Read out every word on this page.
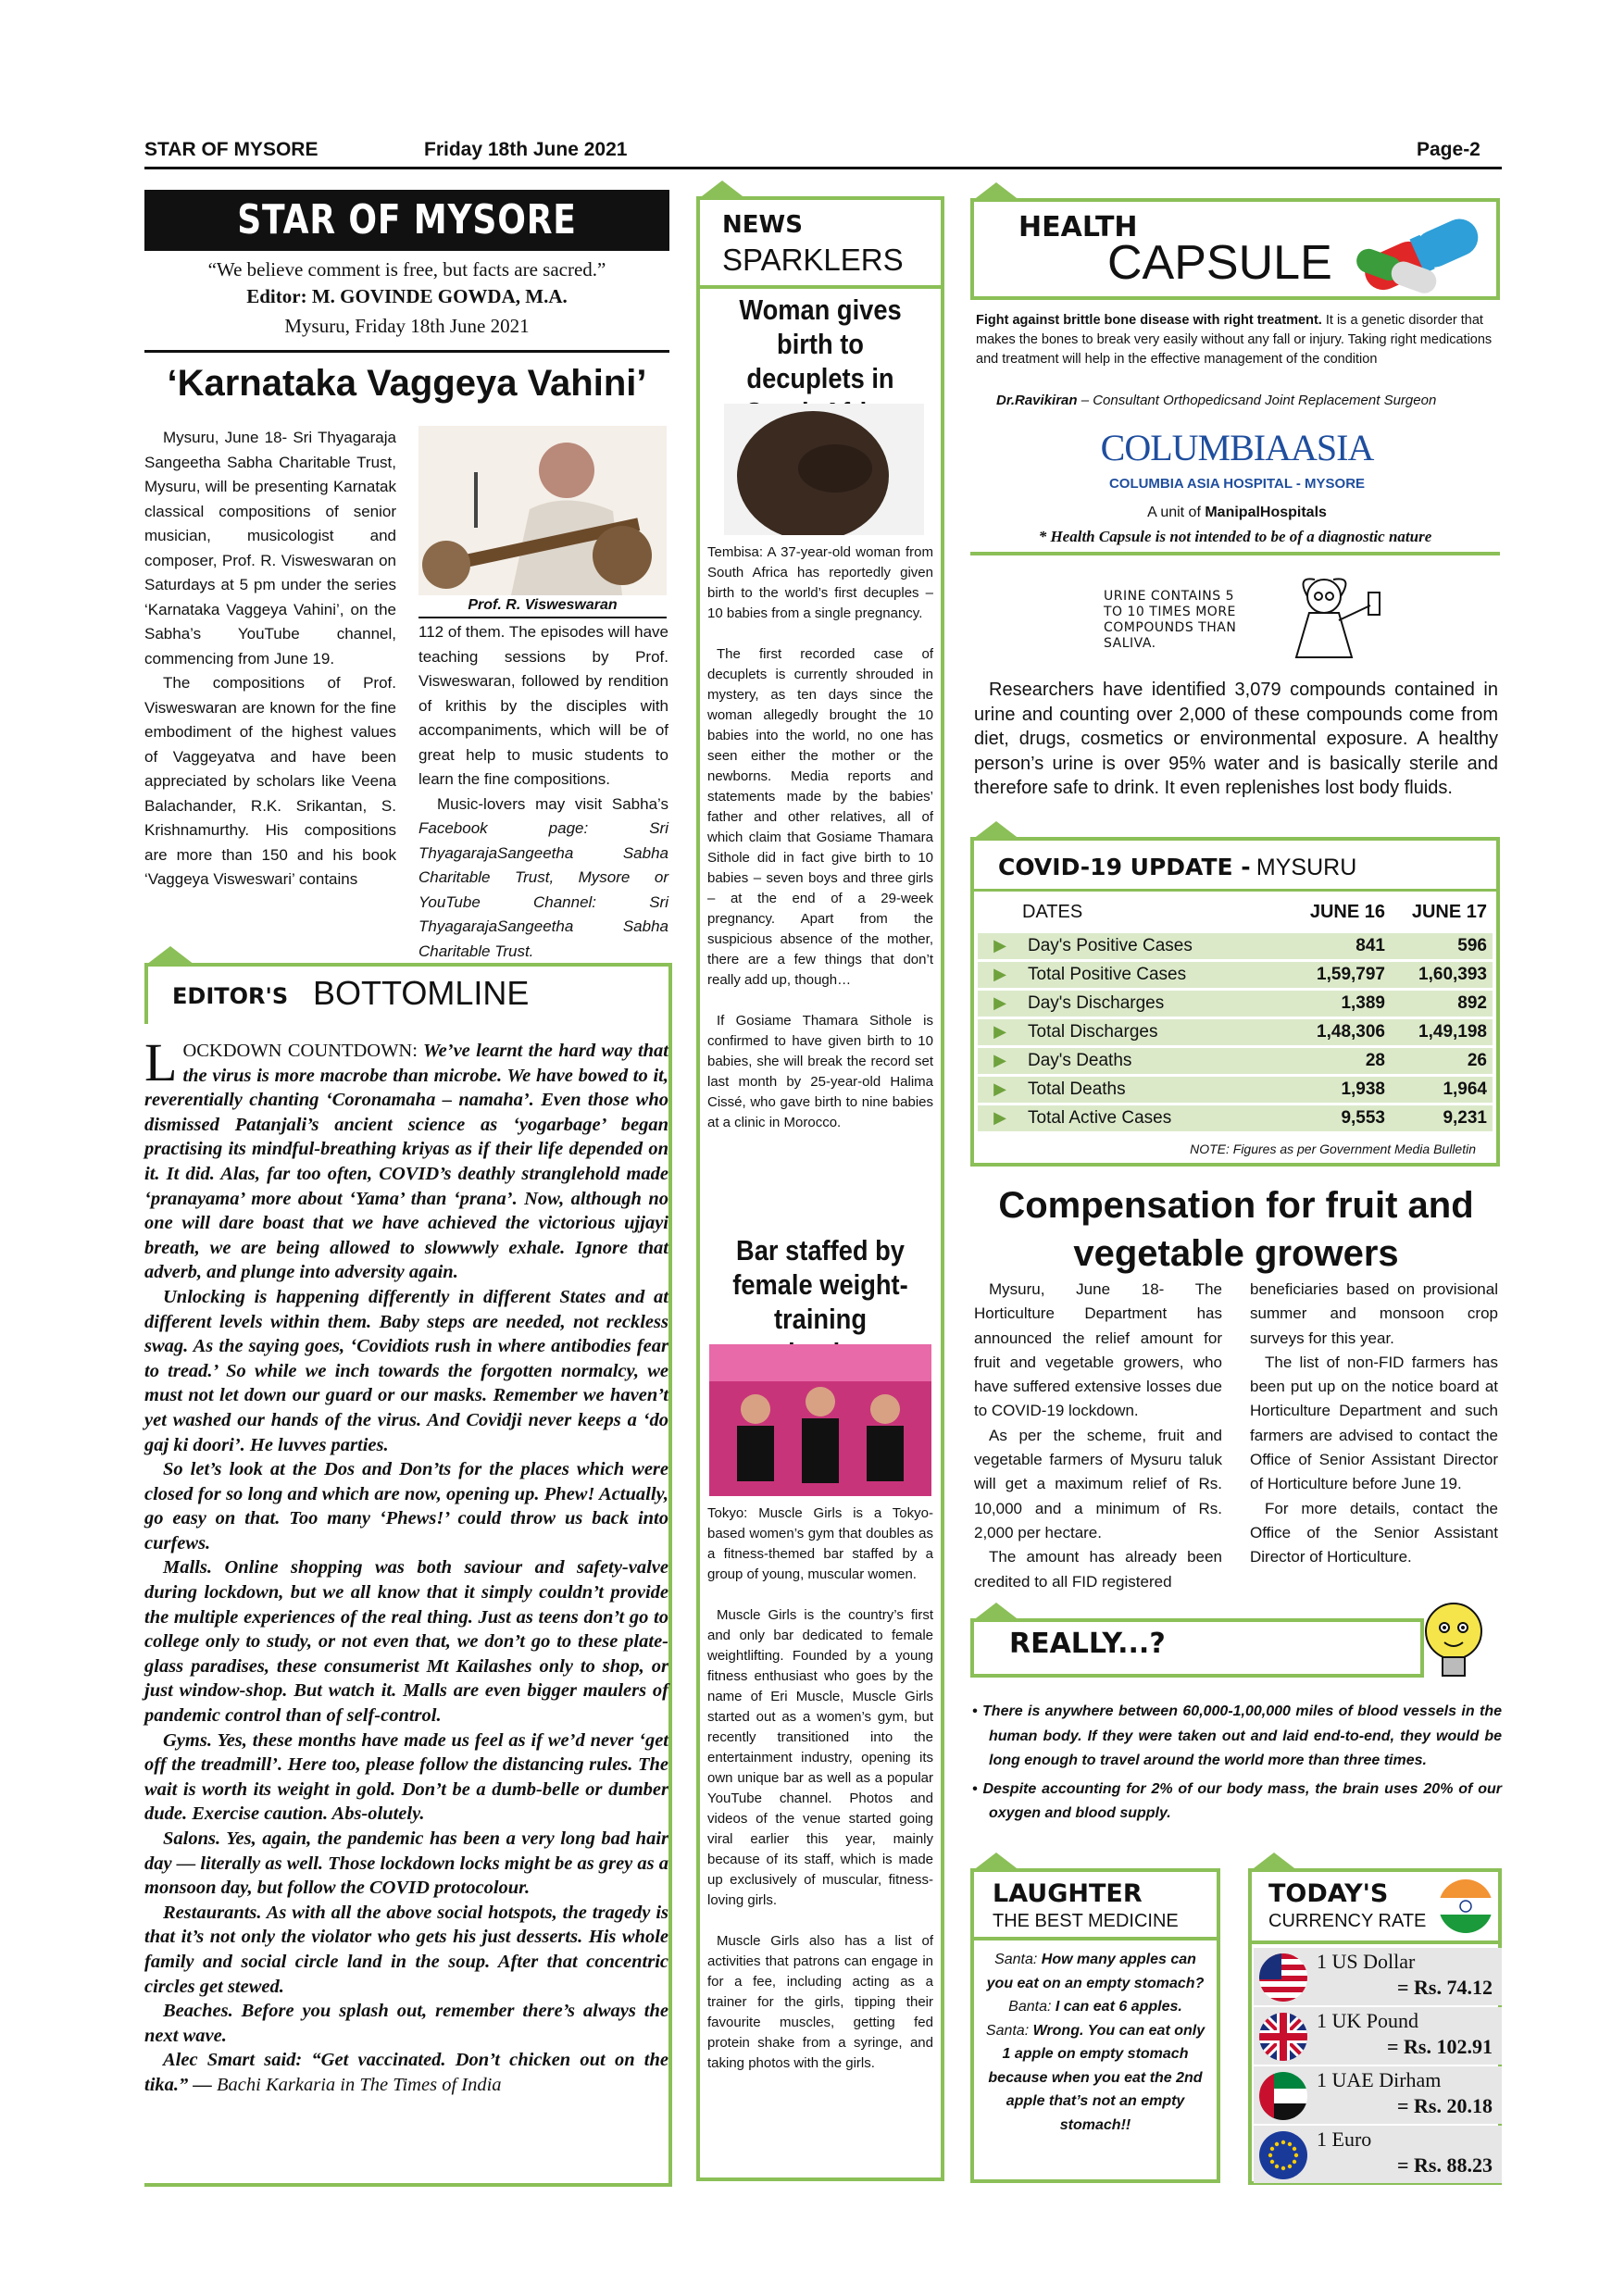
STAR OF MYSORE	Friday 18th June 2021	Page-2
STAR OF MYSORE
“We believe comment is free, but facts are sacred.”
Editor: M. GOVINDE GOWDA, M.A.
Mysuru, Friday 18th June 2021
‘Karnataka Vaggeya Vahini’

Mysuru, June 18- Sri Thyagaraja Sangeetha Sabha Charitable Trust, Mysuru, will be presenting Karnatak classical compositions of senior musician, musicologist and composer, Prof. R. Visweswaran on Saturdays at 5 pm under the series ‘Karnataka Vaggeya Vahini’, on the Sabha’s YouTube channel, commencing from June 19.

The compositions of Prof. Visweswaran are known for the fine embodiment of the highest values of Vaggeyatva and have been appreciated by scholars like Veena Balachander, R.K. Srikantan, S. Krishnamurthy. His compositions are more than 150 and his book ‘Vaggeya Visweswari’ contains

Prof. R. Visweswaran

112 of them. The episodes will have teaching sessions by Prof. Visweswaran, followed by rendition of krithis by the disciples with accompaniments, which will be of great help to music students to learn the fine compositions.

Music-lovers may visit Sabha’s Facebook page: Sri ThyagarajaSangeetha Sabha Charitable Trust, Mysore or YouTube Channel: Sri ThyagarajaSangeetha Sabha Charitable Trust.

EDITOR'S BOTTOMLINE

LOCKDOWN COUNTDOWN: We’ve learnt the hard way that the virus is more macrobe than microbe. We have bowed to it, reverentially chanting ‘Coronamaha – namaha’. Even those who dismissed Patanjali’s ancient science as ‘yogarbage’ began practising its mindful-breathing kriyas as if their life depended on it. It did. Alas, far too often, COVID’s deathly stranglehold made ‘pranayama’ more about ‘Yama’ than ‘prana’. Now, although no one will dare boast that we have achieved the victorious ujjayi breath, we are being allowed to slowwwly exhale. Ignore that adverb, and plunge into adversity again.

Unlocking is happening differently in different States and at different levels within them. Baby steps are needed, not reckless swag. As the saying goes, ‘Covidiots rush in where antibodies fear to tread.’ So while we inch towards the forgotten normalcy, we must not let down our guard or our masks. Remember we haven’t yet washed our hands of the virus. And Covidji never keeps a ‘do gaj ki doori’. He luvves parties.

So let’s look at the Dos and Don’ts for the places which were closed for so long and which are now, opening up. Phew! Actually, go easy on that. Too many ‘Phews!’ could throw us back into curfews.

Malls. Online shopping was both saviour and safety-valve during lockdown, but we all know that it simply couldn’t provide the multiple experiences of the real thing. Just as teens don’t go to college only to study, or not even that, we don’t go to these plate-glass paradises, these consumerist Mt Kailashes only to shop, or just window-shop. But watch it. Malls are even bigger maulers of pandemic control than of self-control.

Gyms. Yes, these months have made us feel as if we’d never ‘get off the treadmill’. Here too, please follow the distancing rules. The wait is worth its weight in gold. Don’t be a dumb-belle or dumber dude. Exercise caution. Abs-olutely.

Salons. Yes, again, the pandemic has been a very long bad hair day — literally as well. Those lockdown locks might be as grey as a monsoon day, but follow the COVID protocolour.

Restaurants. As with all the above social hotspots, the tragedy is that it’s not only the violator who gets his just desserts. His whole family and social circle land in the soup. After that concentric circles get stewed.

Beaches. Before you splash out, remember there’s always the next wave.

Alec Smart said: “Get vaccinated. Don’t chicken out on the tika.” — Bachi Karkaria in The Times of India

NEWS
SPARKLERS
Woman gives birth to decuplets in

Tembisa: A 37-year-old woman from South Africa has reportedly given birth to the world’s first decuples – 10 babies from a single pregnancy.

The first recorded case of decuplets is currently shrouded in mystery, as ten days since the woman allegedly brought the 10 babies into the world, no one has seen either the mother or the newborns. Media reports and statements made by the babies’ father and other relatives, all of which claim that Gosiame Thamara Sithole did in fact give birth to 10 babies – seven boys and three girls – at the end of a 29-week pregnancy. Apart from the suspicious absence of the mother, there are a few things that don’t really add up, though…

If Gosiame Thamara Sithole is confirmed to have given birth to 10 babies, she will break the record set last month by 25-year-old Halima Cissé, who gave birth to nine babies at a clinic in Morocco.

Bar staffed by female weight-training

Tokyo: Muscle Girls is a Tokyo-based women’s gym that doubles as a fitness-themed bar staffed by a group of young, muscular women.

Muscle Girls is the country’s first and only bar dedicated to female weightlifting. Founded by a young fitness enthusiast who goes by the name of Eri Muscle, Muscle Girls started out as a women’s gym, but recently transitioned into the entertainment industry, opening its own unique bar as well as a popular YouTube channel. Photos and videos of the venue started going viral earlier this year, mainly because of its staff, which is made up exclusively of muscular, fitness-loving girls.

Muscle Girls also has a list of activities that patrons can engage in for a fee, including acting as a trainer for the girls, tipping their favourite muscles, getting fed protein shake from a syringe, and taking photos with the girls.

HEALTH
CAPSULE
Fight against brittle bone disease with right treatment. It is a genetic disorder that makes the bones to break very easily without any fall or injury. Taking right medications and treatment will help in the effective management of the condition
Dr.Ravikiran – Consultant Orthopedicsand Joint Replacement Surgeon
COLUMBIAASIA
COLUMBIA ASIA HOSPITAL - MYSORE
A unit of ManipalHospitals
* Health Capsule is not intended to be of a diagnostic nature
URINE CONTAINS 5 TO 10 TIMES MORE COMPOUNDS THAN SALIVA.
Researchers have identified 3,079 compounds contained in urine and counting over 2,000 of these compounds come from diet, drugs, cosmetics or environmental exposure. A healthy person’s urine is over 95% water and is basically sterile and therefore safe to drink. It even replenishes lost body fluids.
COVID-19 UPDATE - MYSURU
DATES		JUNE 16	JUNE 17
▶	Day's Positive Cases	841	596
▶	Total Positive Cases	1,59,797	1,60,393
▶	Day's Discharges	1,389	892
▶	Total Discharges	1,48,306	1,49,198
▶	Day's Deaths	28	26
▶	Total Deaths	1,938	1,964
▶	Total Active Cases	9,553	9,231
NOTE: Figures as per Government Media Bulletin
Compensation for fruit and vegetable growers

Mysuru, June 18- The Horticulture Department has announced the relief amount for fruit and vegetable growers, who have suffered extensive losses due to COVID-19 lockdown.

As per the scheme, fruit and vegetable farmers of Mysuru taluk will get a maximum relief of Rs. 10,000 and a minimum of Rs. 2,000 per hectare.

The amount has already been credited to all FID registered

beneficiaries based on provisional summer and monsoon crop surveys for this year.

The list of non-FID farmers has been put up on the notice board at Horticulture Department and such farmers are advised to contact the Office of Senior Assistant Director of Horticulture before June 19.

For more details, contact the Office of the Senior Assistant Director of Horticulture.

REALLY...?

• There is anywhere between 60,000-1,00,000 miles of blood vessels in the human body. If they were taken out and laid end-to-end, they would be long enough to travel around the world more than three times.

• Despite accounting for 2% of our body mass, the brain uses 20% of our oxygen and blood supply.

LAUGHTER
THE BEST MEDICINE

Santa: How many apples can you eat on an empty stomach?

Banta: I can eat 6 apples.

Santa: Wrong. You can eat only 1 apple on empty stomach because when you eat the 2nd apple that’s not an empty stomach!!

TODAY'S
CURRENCY RATE
1 US Dollar
= Rs. 74.12
1 UK Pound
= Rs. 102.91
1 UAE Dirham
= Rs. 20.18
1 Euro
= Rs. 88.23
